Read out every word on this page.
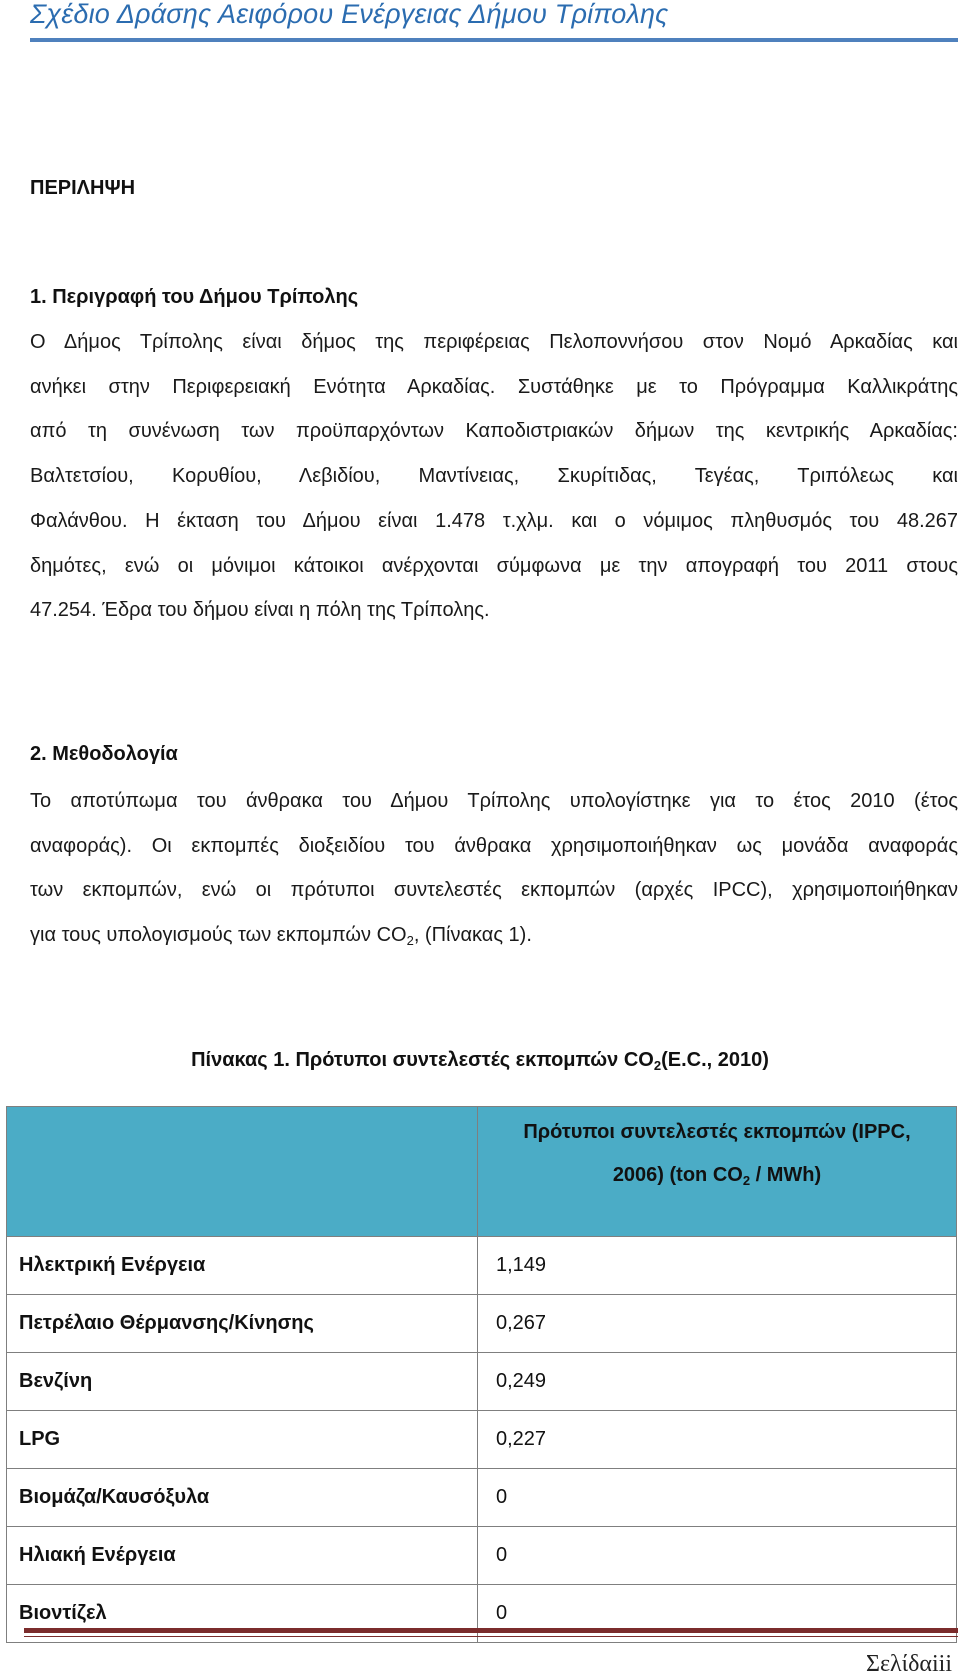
Σχέδιο Δράσης Αειφόρου Ενέργειας Δήμου Τρίπολης
ΠΕΡΙΛΗΨΗ
1. Περιγραφή του Δήμου Τρίπολης
Ο Δήμος Τρίπολης είναι δήμος της περιφέρειας Πελοποννήσου στον Νομό Αρκαδίας και
ανήκει στην Περιφερειακή Ενότητα Αρκαδίας. Συστάθηκε με το Πρόγραμμα Καλλικράτης
από τη συνένωση των προϋπαρχόντων Καποδιστριακών δήμων της κεντρικής Αρκαδίας:
Βαλτετσίου, Κορυθίου, Λεβιδίου, Μαντίνειας, Σκυρίτιδας, Τεγέας, Τριπόλεως και
Φαλάνθου. Η έκταση του Δήμου είναι 1.478 τ.χλμ. και ο νόμιμος πληθυσμός του 48.267
δημότες, ενώ οι μόνιμοι κάτοικοι ανέρχονται σύμφωνα με την απογραφή του 2011 στους
47.254. Έδρα του δήμου είναι η πόλη της Τρίπολης.
2. Μεθοδολογία
Το αποτύπωμα του άνθρακα του Δήμου Τρίπολης υπολογίστηκε για το έτος 2010 (έτος
αναφοράς). Οι εκπομπές διοξειδίου του άνθρακα χρησιμοποιήθηκαν ως μονάδα αναφοράς
των εκπομπών, ενώ οι πρότυποι συντελεστές εκπομπών (αρχές IPCC), χρησιμοποιήθηκαν
για τους υπολογισμούς των εκπομπών $CO_2$, (Πίνακας 1).
Πίνακας 1. Πρότυποι συντελεστές εκπομπών $CO_2(E.C$., 2010)

	Πρότυποι συντελεστές εκπομπών (IPPC,
2006) (ton $CO_2 / MWh$)

Ηλεκτρική Ενέργεια	1,149
Πετρέλαιο Θέρμανσης/Κίνησης	0,267
Βενζίνη	0,249
LPG	0,227
Βιομάζα/Καυσόξυλα	0
Ηλιακή Ενέργεια	0
Βιοντίζελ	0
Σελίδαiii
